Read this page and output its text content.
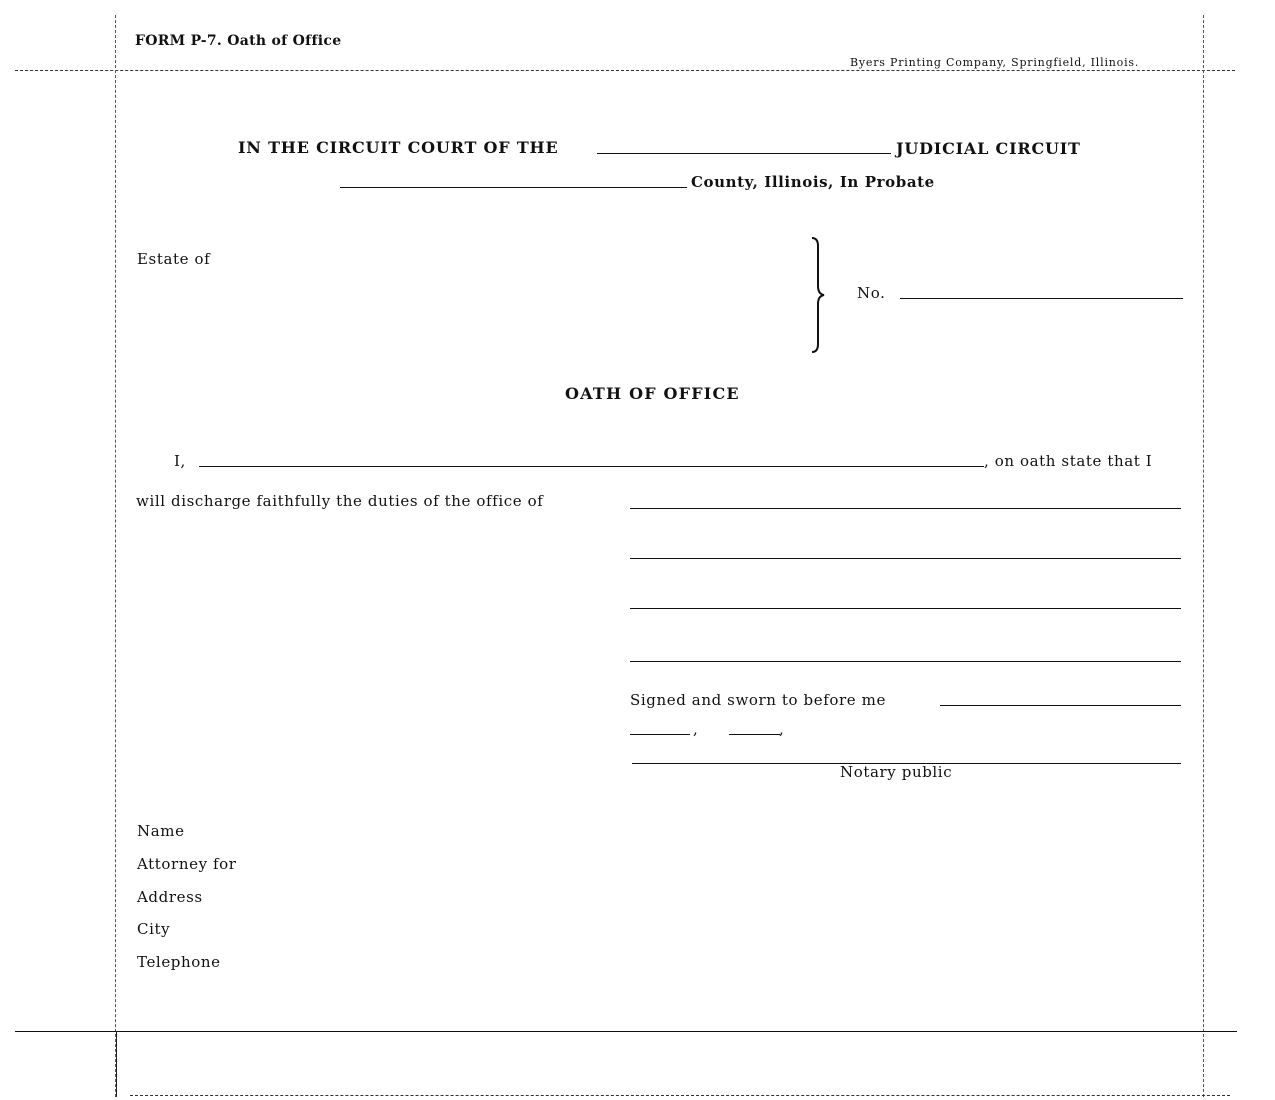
FORM P-7. Oath of Office
Byers Printing Company, Springfield, Illinois.
IN THE CIRCUIT COURT OF THE	JUDICIAL CIRCUIT
County, Illinois, In Probate
Estate of
No.
OATH OF OFFICE
I,	, on oath state that I
will discharge faithfully the duties of the office of
Signed and sworn to before me
,	,
Notary public
Name
Attorney for
Address
City
Telephone
